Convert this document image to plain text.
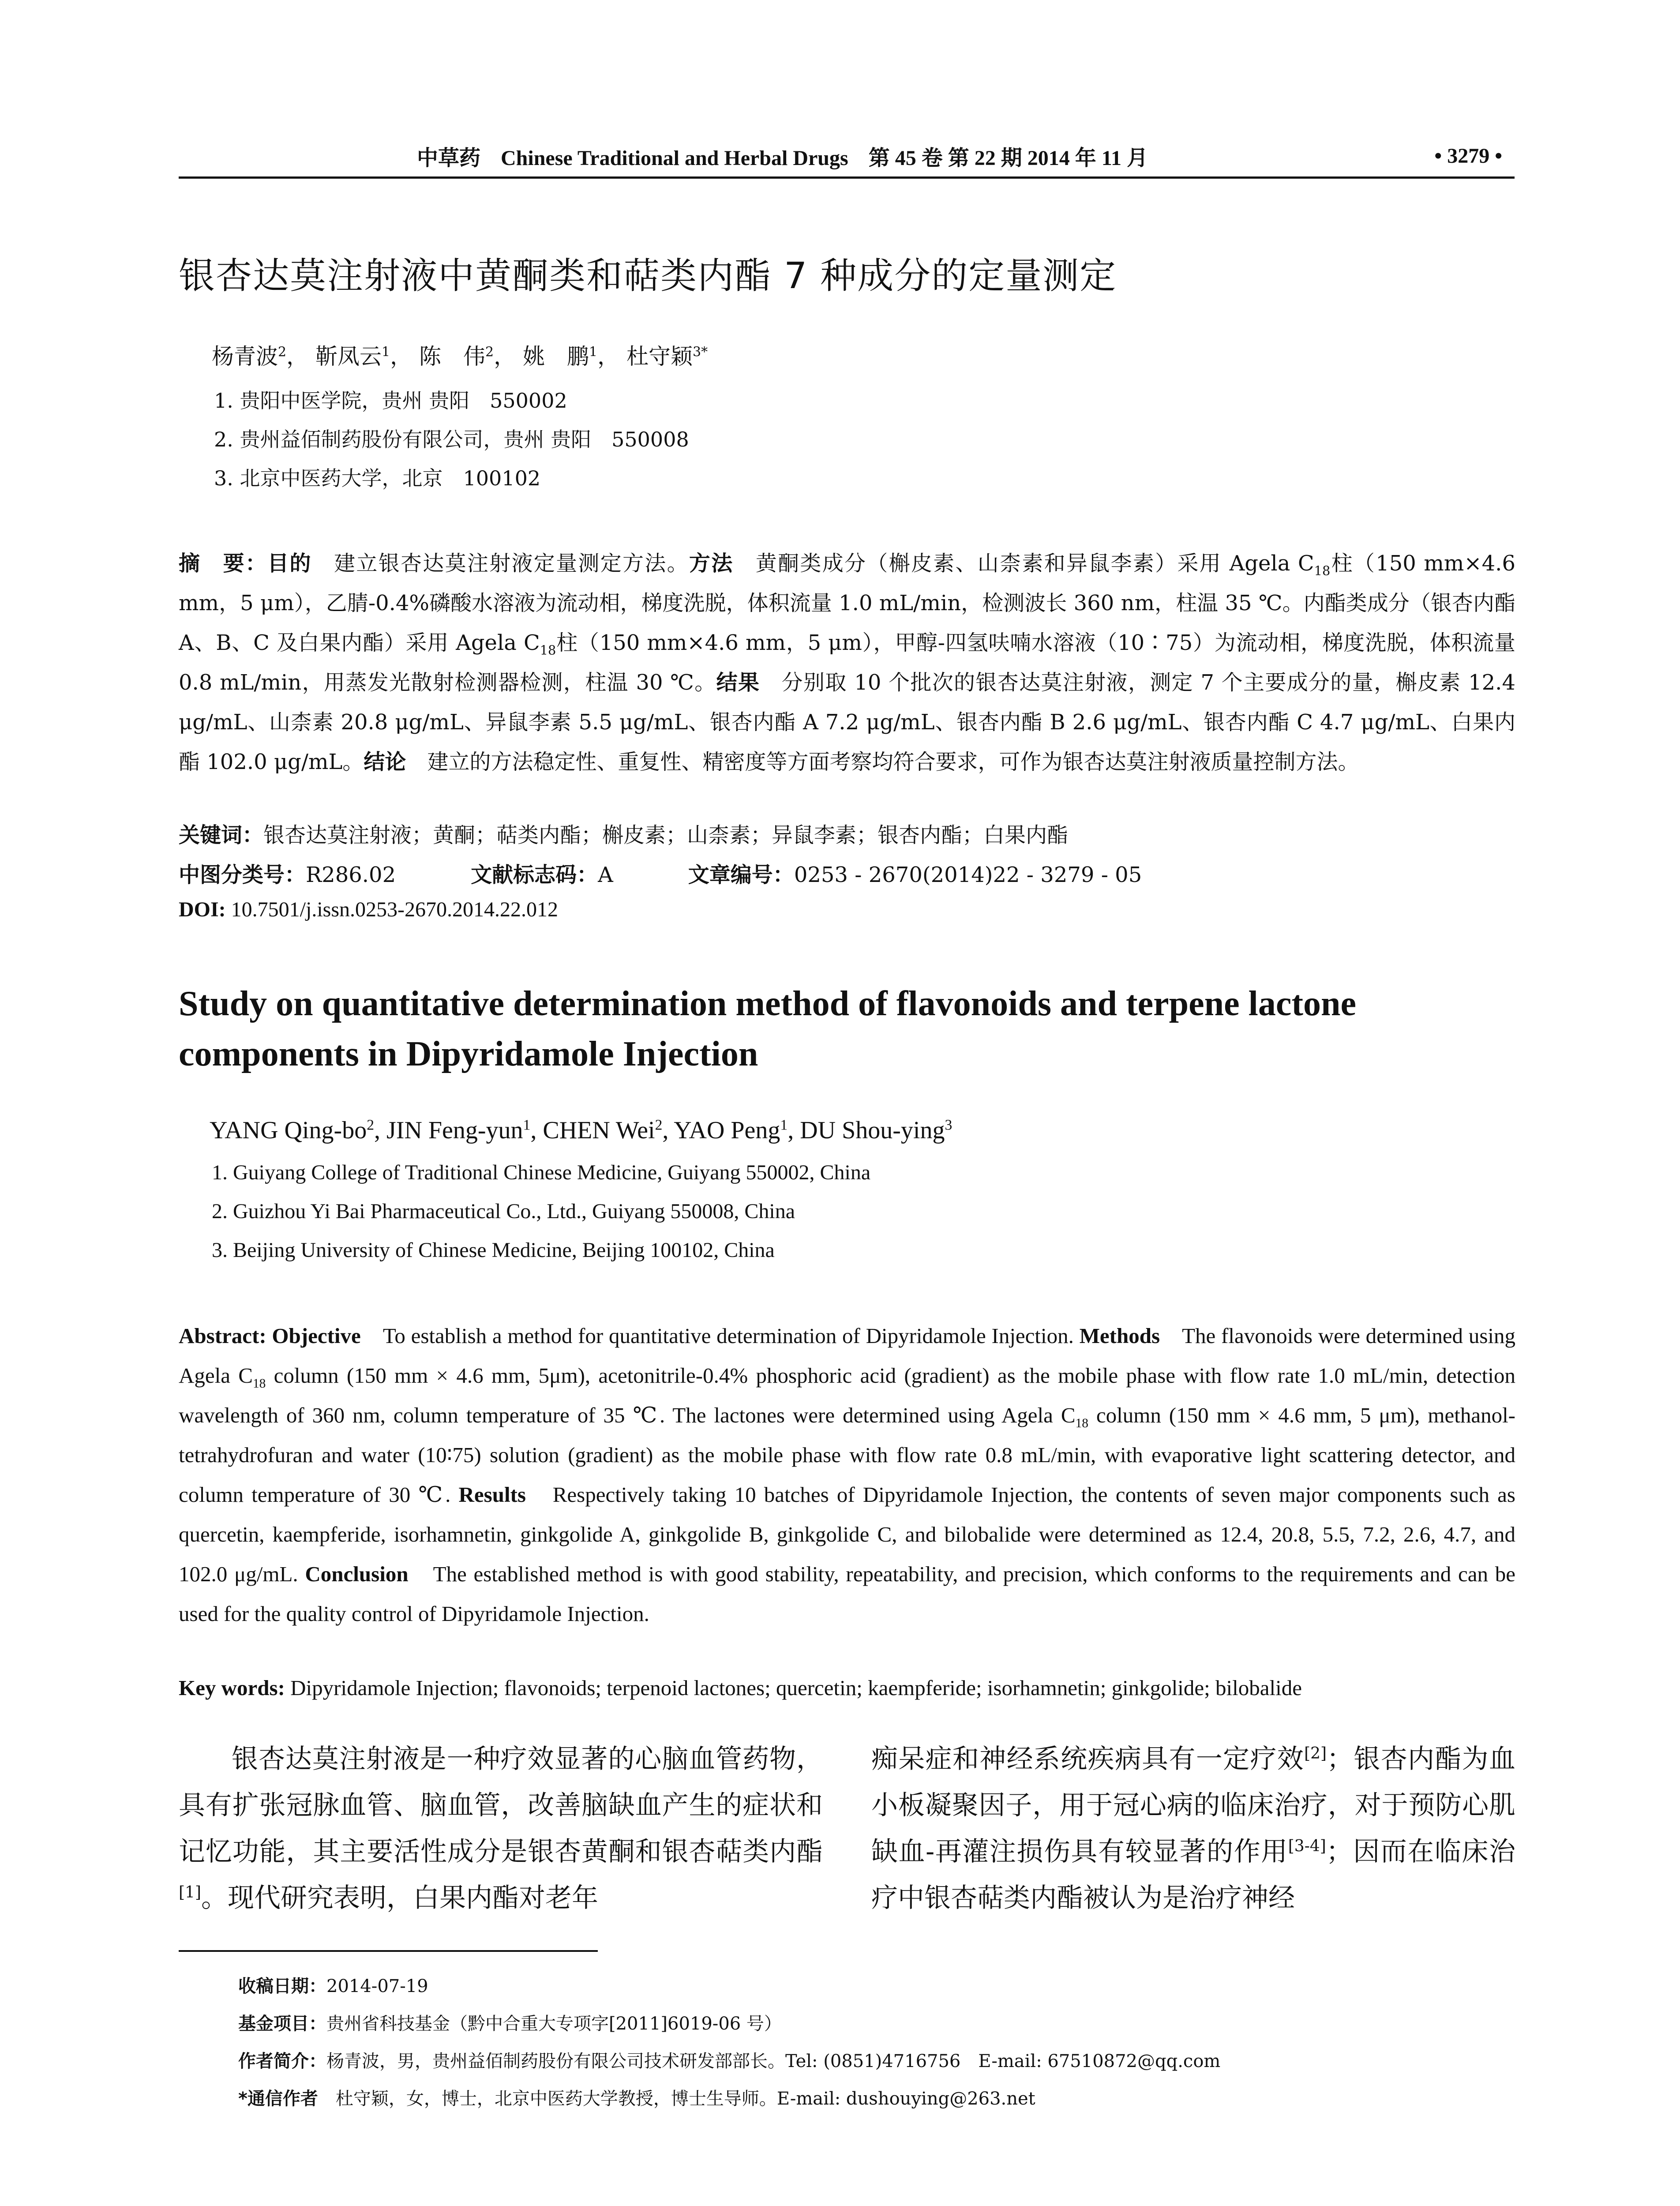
中草药 Chinese Traditional and Herbal Drugs 第 45 卷 第 22 期 2014 年 11 月	• 3279 •
银杏达莫注射液中黄酮类和萜类内酯 7 种成分的定量测定
杨青波$^2$， 靳凤云$^1$， 陈　伟$^2$， 姚　鹏$^1$， 杜守颖$^{3*}$
1. 贵阳中医学院，贵州 贵阳　550002
2. 贵州益佰制药股份有限公司，贵州 贵阳　550008
3. 北京中医药大学，北京　100102
摘　要：目的　建立银杏达莫注射液定量测定方法。方法　黄酮类成分（槲皮素、山柰素和异鼠李素）采用 Agela $C_{18}$柱（150 mm×4.6 mm，5 μm），乙腈-0.4%磷酸水溶液为流动相，梯度洗脱，体积流量 1.0 mL/min，检测波长 360 nm，柱温 35 ℃。内酯类成分（银杏内酯 A、B、C 及白果内酯）采用 Agela $C_{18}$柱（150 mm×4.6 mm，5 μm），甲醇-四氢呋喃水溶液（10∶75）为流动相，梯度洗脱，体积流量 0.8 mL/min，用蒸发光散射检测器检测，柱温 30 ℃。结果　分别取 10 个批次的银杏达莫注射液，测定 7 个主要成分的量，槲皮素 12.4 μg/mL、山柰素 20.8 μg/mL、异鼠李素 5.5 μg/mL、银杏内酯 A 7.2 μg/mL、银杏内酯 B 2.6 μg/mL、银杏内酯 C 4.7 μg/mL、白果内酯 102.0 μg/mL。结论　建立的方法稳定性、重复性、精密度等方面考察均符合要求，可作为银杏达莫注射液质量控制方法。
关键词：银杏达莫注射液；黄酮；萜类内酯；槲皮素；山柰素；异鼠李素；银杏内酯；白果内酯
中图分类号：R286.02	文献标志码：A	文章编号：0253 - 2670(2014)22 - 3279 - 05
DOI: 10.7501/j.issn.0253-2670.2014.22.012
Study on quantitative determination method of flavonoids and terpene lactone components in Dipyridamole Injection
YANG Qing-$bo^2$, JIN Feng-yun$^1$, CHEN Wei$^2$, YAO Peng$^1$, DU Shou-ying$^3$
1. Guiyang College of Traditional Chinese Medicine, Guiyang 550002, China
2. Guizhou Yi Bai Pharmaceutical Co., Ltd., Guiyang 550008, China
3. Beijing University of Chinese Medicine, Beijing 100102, China
Abstract: Objective　To establish a method for quantitative determination of Dipyridamole Injection. Methods　The flavonoids were determined using Agela $C_{18}$ column (150 mm × 4.6 mm, 5μm), acetonitrile-0.4% phosphoric acid (gradient) as the mobile phase with flow rate 1.0 mL/min, detection wavelength of 360 nm, column temperature of 35 ℃. The lactones were determined using Agela $C_{18}$ column (150 mm × 4.6 mm, 5 μm), methanol-tetrahydrofuran and water (10∶75) solution (gradient) as the mobile phase with flow rate 0.8 mL/min, with evaporative light scattering detector, and column temperature of 30 ℃. Results　Respectively taking 10 batches of Dipyridamole Injection, the contents of seven major components such as quercetin, kaempferide, isorhamnetin, ginkgolide A, ginkgolide B, ginkgolide C, and bilobalide were determined as 12.4, 20.8, 5.5, 7.2, 2.6, 4.7, and 102.0 μg/mL. Conclusion　The established method is with good stability, repeatability, and precision, which conforms to the requirements and can be used for the quality control of Dipyridamole Injection.
Key words: Dipyridamole Injection; flavonoids; terpenoid lactones; quercetin; kaempferide; isorhamnetin; ginkgolide; bilobalide

银杏达莫注射液是一种疗效显著的心脑血管药物，具有扩张冠脉血管、脑血管，改善脑缺血产生的症状和记忆功能，其主要活性成分是银杏黄酮和银杏萜类内酯[1]。现代研究表明，白果内酯对老年

痴呆症和神经系统疾病具有一定疗效[2]；银杏内酯为血小板凝聚因子，用于冠心病的临床治疗，对于预防心肌缺血-再灌注损伤具有较显著的作用[3-4]；因而在临床治疗中银杏萜类内酯被认为是治疗神经

收稿日期：2014-07-19
基金项目：贵州省科技基金（黔中合重大专项字[2011]6019-06 号）
作者简介：杨青波，男，贵州益佰制药股份有限公司技术研发部部长。Tel: (0851)4716756　E-mail: 67510872@qq.com
*通信作者　杜守颖，女，博士，北京中医药大学教授，博士生导师。E-mail: dushouying@263.net
